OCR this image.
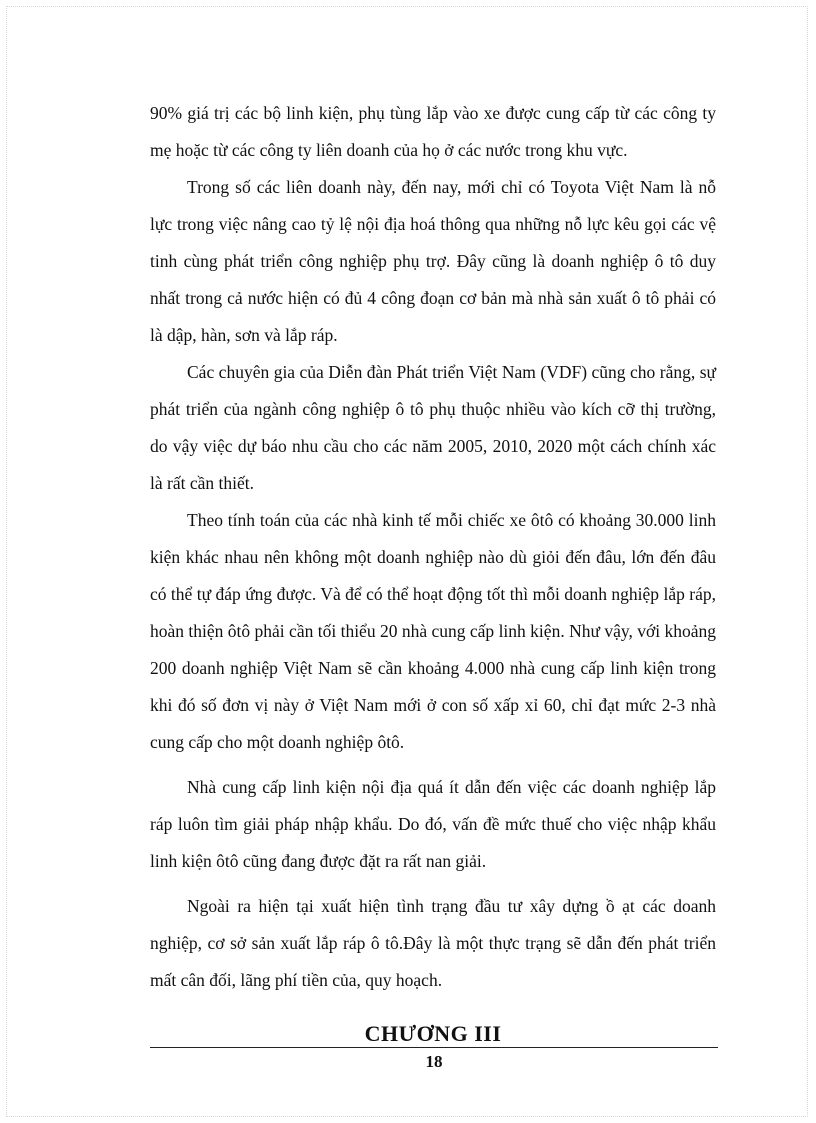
90% giá trị các bộ linh kiện, phụ tùng lắp vào xe được cung cấp từ các công ty mẹ hoặc từ các công ty liên doanh của họ ở các nước trong khu vực.

Trong số các liên doanh này, đến nay, mới chỉ có Toyota Việt Nam là nỗ lực trong việc nâng cao tỷ lệ nội địa hoá thông qua những nỗ lực kêu gọi các vệ tinh cùng phát triển công nghiệp phụ trợ. Đây cũng là doanh nghiệp ô tô duy nhất trong cả nước hiện có đủ 4 công đoạn cơ bản mà nhà sản xuất ô tô phải có là dập, hàn, sơn và lắp ráp.

Các chuyên gia của Diễn đàn Phát triển Việt Nam (VDF) cũng cho rằng, sự phát triển của ngành công nghiệp ô tô phụ thuộc nhiều vào kích cỡ thị trường, do vậy việc dự báo nhu cầu cho các năm 2005, 2010, 2020 một cách chính xác là rất cần thiết.

Theo tính toán của các nhà kinh tế mỗi chiếc xe ôtô có khoảng 30.000 linh kiện khác nhau nên không một doanh nghiệp nào dù giỏi đến đâu, lớn đến đâu có thể tự đáp ứng được. Và để có thể hoạt động tốt thì mỗi doanh nghiệp lắp ráp, hoàn thiện ôtô phải cần tối thiểu 20 nhà cung cấp linh kiện. Như vậy, với khoảng 200 doanh nghiệp Việt Nam sẽ cần khoảng 4.000 nhà cung cấp linh kiện trong khi đó số đơn vị này ở Việt Nam mới ở con số xấp xỉ 60, chỉ đạt mức 2-3 nhà cung cấp cho một doanh nghiệp ôtô.

Nhà cung cấp linh kiện nội địa quá ít dẫn đến việc các doanh nghiệp lắp ráp luôn tìm giải pháp nhập khẩu. Do đó, vấn đề mức thuế cho việc nhập khẩu linh kiện ôtô cũng đang được đặt ra rất nan giải.

Ngoài ra hiện tại xuất hiện tình trạng đầu tư xây dựng ồ ạt các doanh nghiệp, cơ sở sản xuất lắp ráp ô tô.Đây là một thực trạng sẽ dẫn đến phát triển mất cân đối, lãng phí tiền của, quy hoạch.

CHƯƠNG III
18
